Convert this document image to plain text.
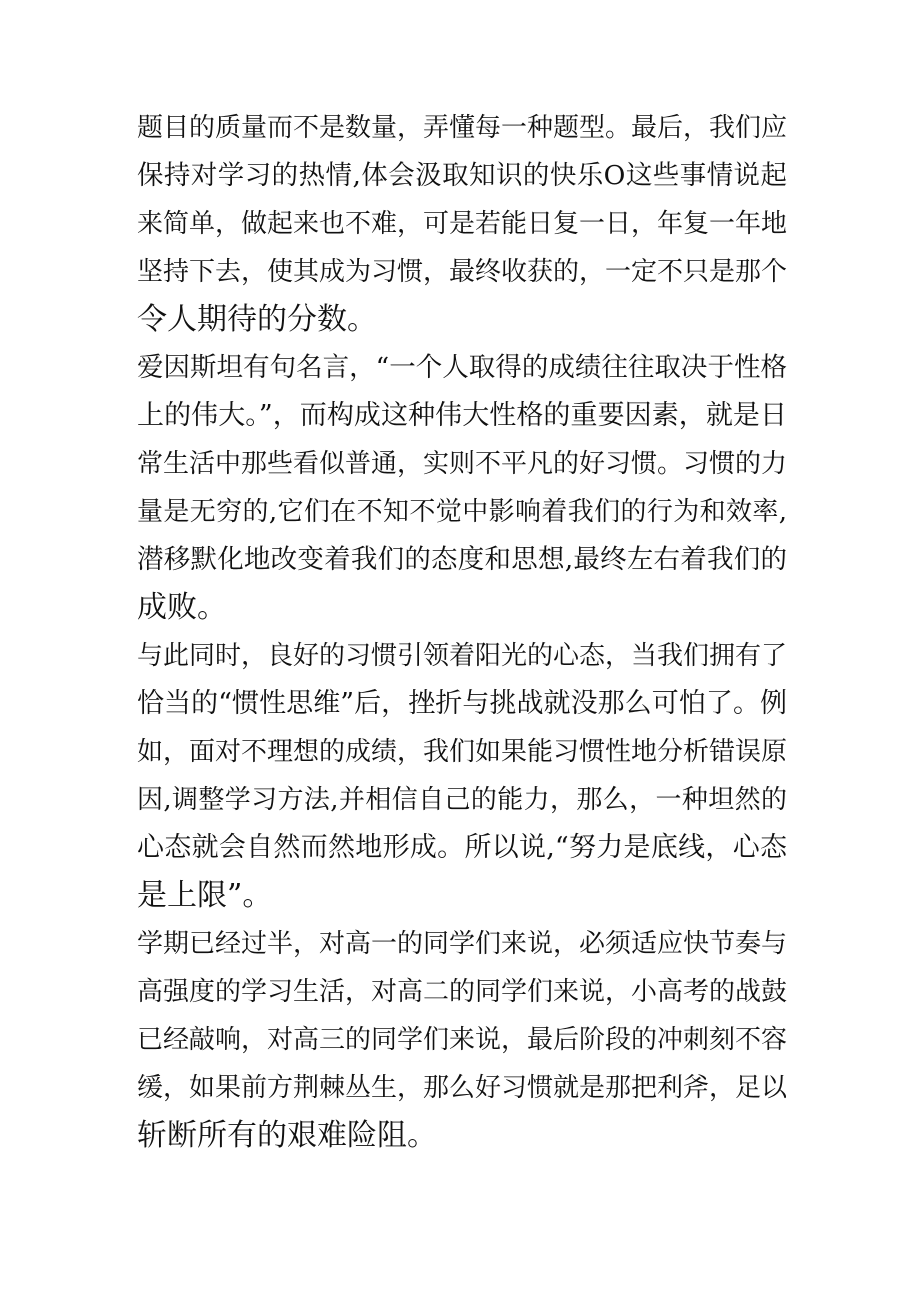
题目的质量而不是数量，弄懂每一种题型。最后，我们应
保持对学习的热情,体会汲取知识的快乐O这些事情说起
来简单，做起来也不难，可是若能日复一日，年复一年地
坚持下去，使其成为习惯，最终收获的，一定不只是那个
令人期待的分数。
爱因斯坦有句名言，“一个人取得的成绩往往取决于性格
上的伟大。”，而构成这种伟大性格的重要因素，就是日
常生活中那些看似普通，实则不平凡的好习惯。习惯的力
量是无穷的,它们在不知不觉中影响着我们的行为和效率,
潜移默化地改变着我们的态度和思想,最终左右着我们的
成败。
与此同时，良好的习惯引领着阳光的心态，当我们拥有了
恰当的“惯性思维”后，挫折与挑战就没那么可怕了。例
如，面对不理想的成绩，我们如果能习惯性地分析错误原
因,调整学习方法,并相信自己的能力，那么，一种坦然的
心态就会自然而然地形成。所以说,“努力是底线，心态
是上限”。
学期已经过半，对高一的同学们来说，必须适应快节奏与
高强度的学习生活，对高二的同学们来说，小高考的战鼓
已经敲响，对高三的同学们来说，最后阶段的冲刺刻不容
缓，如果前方荆棘丛生，那么好习惯就是那把利斧，足以
斩断所有的艰难险阻。
